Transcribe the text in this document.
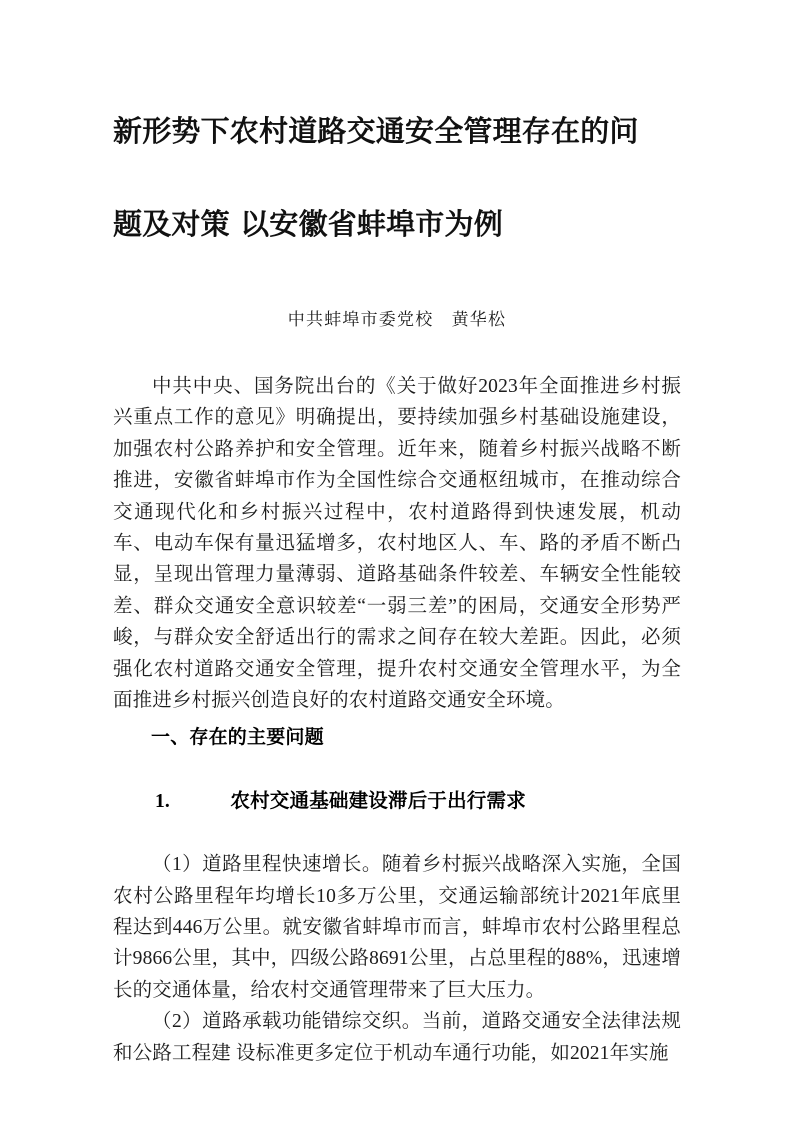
新形势下农村道路交通安全管理存在的问
题及对策 以安徽省蚌埠市为例

中共蚌埠市委党校　黄华松

中共中央、国务院出台的《关于做好2023年全面推进乡村振兴重点工作的意见》明确提出，要持续加强乡村基础设施建设，加强农村公路养护和安全管理。近年来，随着乡村振兴战略不断推进，安徽省蚌埠市作为全国性综合交通枢纽城市，在推动综合交通现代化和乡村振兴过程中，农村道路得到快速发展，机动车、电动车保有量迅猛增多，农村地区人、车、路的矛盾不断凸显，呈现出管理力量薄弱、道路基础条件较差、车辆安全性能较差、群众交通安全意识较差“一弱三差”的困局，交通安全形势严峻，与群众安全舒适出行的需求之间存在较大差距。因此，必须强化农村道路交通安全管理，提升农村交通安全管理水平，为全面推进乡村振兴创造良好的农村道路交通安全环境。

一、存在的主要问题

1.	农村交通基础建设滞后于出行需求

（1）道路里程快速增长。随着乡村振兴战略深入实施，全国农村公路里程年均增长10多万公里，交通运输部统计2021年底里程达到446万公里。就安徽省蚌埠市而言，蚌埠市农村公路里程总计9866公里，其中，四级公路8691公里，占总里程的88%，迅速增长的交通体量，给农村交通管理带来了巨大压力。

（2）道路承载功能错综交织。当前，道路交通安全法律法规和公路工程建 设标准更多定位于机动车通行功能，如2021年实施
